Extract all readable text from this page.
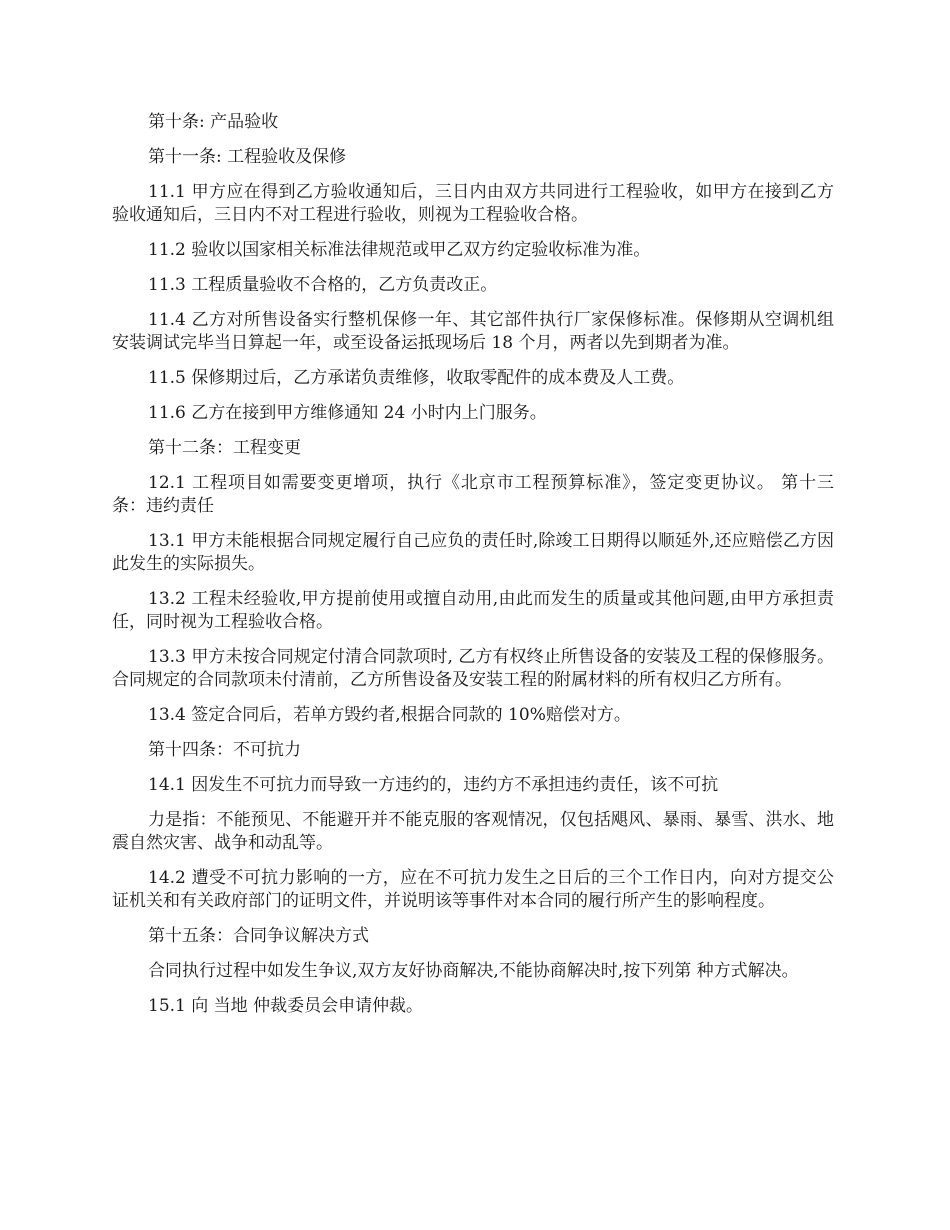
第十条: 产品验收

第十一条: 工程验收及保修

11.1 甲方应在得到乙方验收通知后，三日内由双方共同进行工程验收，如甲方在接到乙方验收通知后，三日内不对工程进行验收，则视为工程验收合格。

11.2 验收以国家相关标准法律规范或甲乙双方约定验收标准为准。

11.3 工程质量验收不合格的，乙方负责改正。

11.4 乙方对所售设备实行整机保修一年、其它部件执行厂家保修标准。保修期从空调机组安装调试完毕当日算起一年，或至设备运抵现场后 18 个月，两者以先到期者为准。

11.5 保修期过后，乙方承诺负责维修，收取零配件的成本费及人工费。

11.6 乙方在接到甲方维修通知 24 小时内上门服务。

第十二条：工程变更

12.1 工程项目如需要变更增项，执行《北京市工程预算标准》，签定变更协议。 第十三条：违约责任

13.1 甲方未能根据合同规定履行自己应负的责任时,除竣工日期得以顺延外,还应赔偿乙方因此发生的实际损失。

13.2 工程未经验收,甲方提前使用或擅自动用,由此而发生的质量或其他问题,由甲方承担责任，同时视为工程验收合格。

13.3 甲方未按合同规定付清合同款项时, 乙方有权终止所售设备的安装及工程的保修服务。合同规定的合同款项未付清前，乙方所售设备及安装工程的附属材料的所有权归乙方所有。

13.4 签定合同后，若单方毁约者,根据合同款的 10%赔偿对方。

第十四条：不可抗力

14.1 因发生不可抗力而导致一方违约的，违约方不承担违约责任，该不可抗

力是指：不能预见、不能避开并不能克服的客观情况，仅包括飓风、暴雨、暴雪、洪水、地震自然灾害、战争和动乱等。

14.2 遭受不可抗力影响的一方，应在不可抗力发生之日后的三个工作日内，向对方提交公证机关和有关政府部门的证明文件，并说明该等事件对本合同的履行所产生的影响程度。

第十五条：合同争议解决方式

合同执行过程中如发生争议,双方友好协商解决,不能协商解决时,按下列第 种方式解决。

15.1 向 当地 仲裁委员会申请仲裁。
